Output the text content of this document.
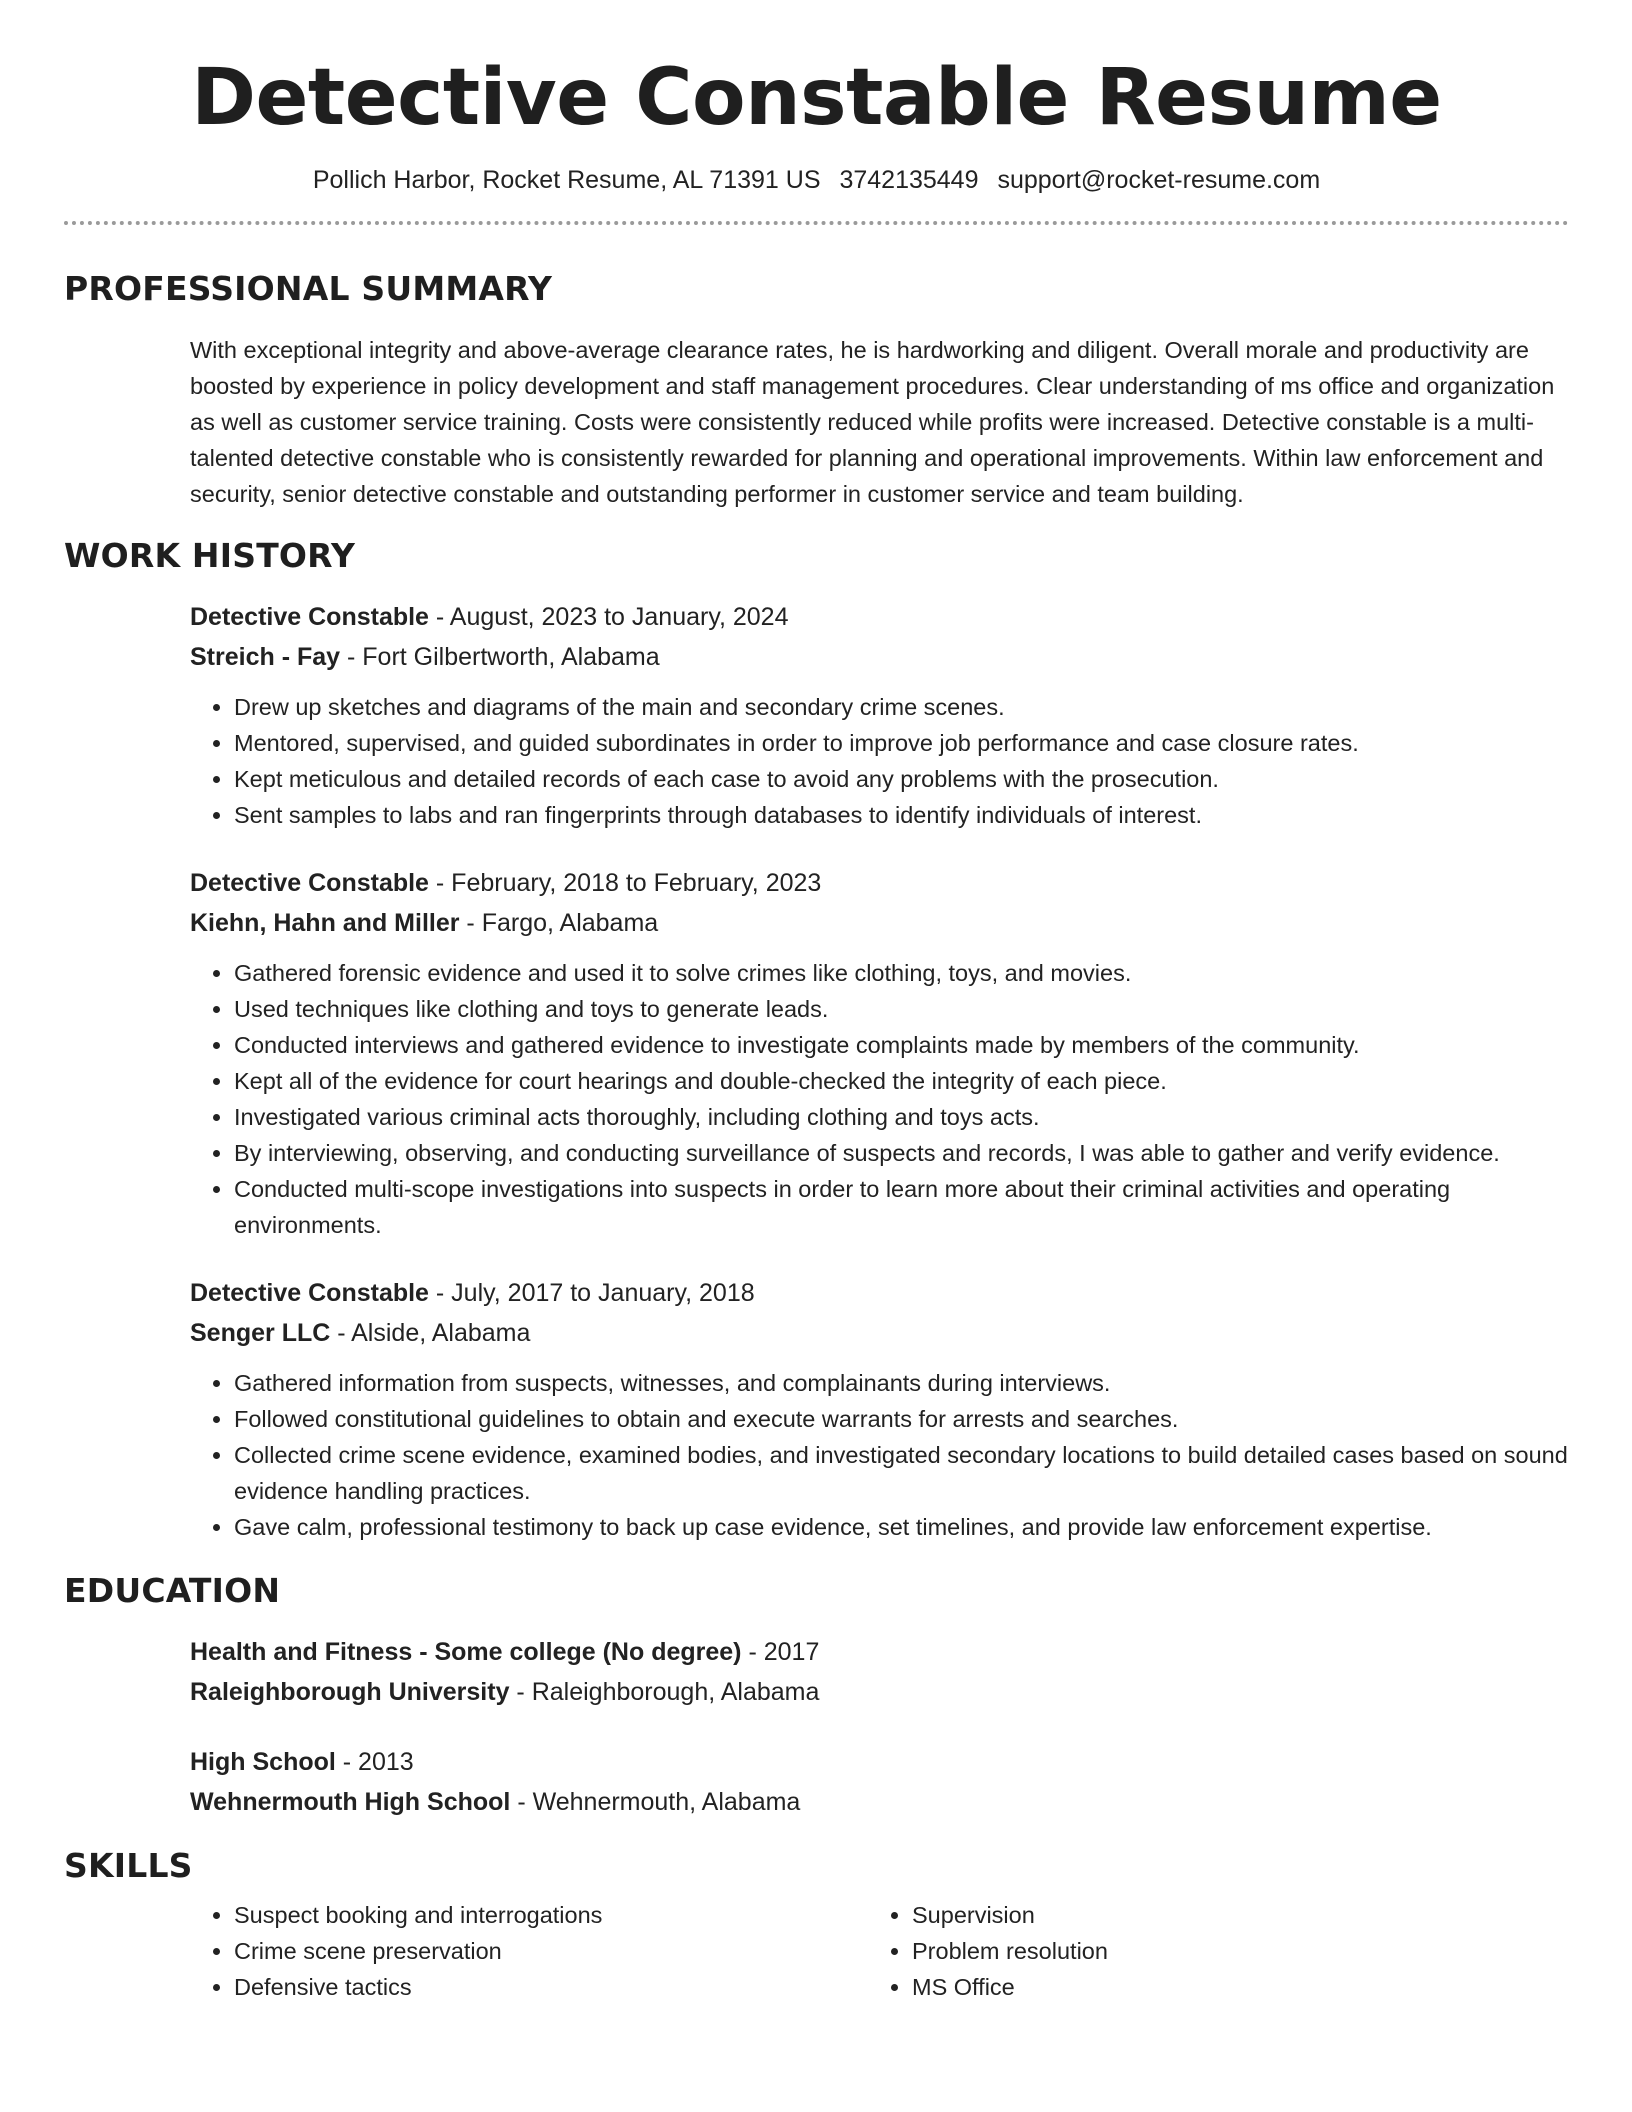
Detective Constable Resume
Pollich Harbor, Rocket Resume, AL 71391 US 3742135449 support@rocket-resume.com
PROFESSIONAL SUMMARY
With exceptional integrity and above-average clearance rates, he is hardworking and diligent. Overall morale and productivity are boosted by experience in policy development and staff management procedures. Clear understanding of ms office and organization as well as customer service training. Costs were consistently reduced while profits were increased. Detective constable is a multi-talented detective constable who is consistently rewarded for planning and operational improvements. Within law enforcement and security, senior detective constable and outstanding performer in customer service and team building.
WORK HISTORY
Detective Constable - August, 2023 to January, 2024
Streich - Fay - Fort Gilbertworth, Alabama
• Drew up sketches and diagrams of the main and secondary crime scenes.
• Mentored, supervised, and guided subordinates in order to improve job performance and case closure rates.
• Kept meticulous and detailed records of each case to avoid any problems with the prosecution.
• Sent samples to labs and ran fingerprints through databases to identify individuals of interest.
Detective Constable - February, 2018 to February, 2023
Kiehn, Hahn and Miller - Fargo, Alabama
• Gathered forensic evidence and used it to solve crimes like clothing, toys, and movies.
• Used techniques like clothing and toys to generate leads.
• Conducted interviews and gathered evidence to investigate complaints made by members of the community.
• Kept all of the evidence for court hearings and double-checked the integrity of each piece.
• Investigated various criminal acts thoroughly, including clothing and toys acts.
• By interviewing, observing, and conducting surveillance of suspects and records, I was able to gather and verify evidence.
• Conducted multi-scope investigations into suspects in order to learn more about their criminal activities and operating environments.
Detective Constable - July, 2017 to January, 2018
Senger LLC - Alside, Alabama
• Gathered information from suspects, witnesses, and complainants during interviews.
• Followed constitutional guidelines to obtain and execute warrants for arrests and searches.
• Collected crime scene evidence, examined bodies, and investigated secondary locations to build detailed cases based on sound evidence handling practices.
• Gave calm, professional testimony to back up case evidence, set timelines, and provide law enforcement expertise.
EDUCATION
Health and Fitness - Some college (No degree) - 2017
Raleighborough University - Raleighborough, Alabama
High School - 2013
Wehnermouth High School - Wehnermouth, Alabama
SKILLS
• Suspect booking and interrogations
• Crime scene preservation
• Defensive tactics
• Supervision
• Problem resolution
• MS Office
